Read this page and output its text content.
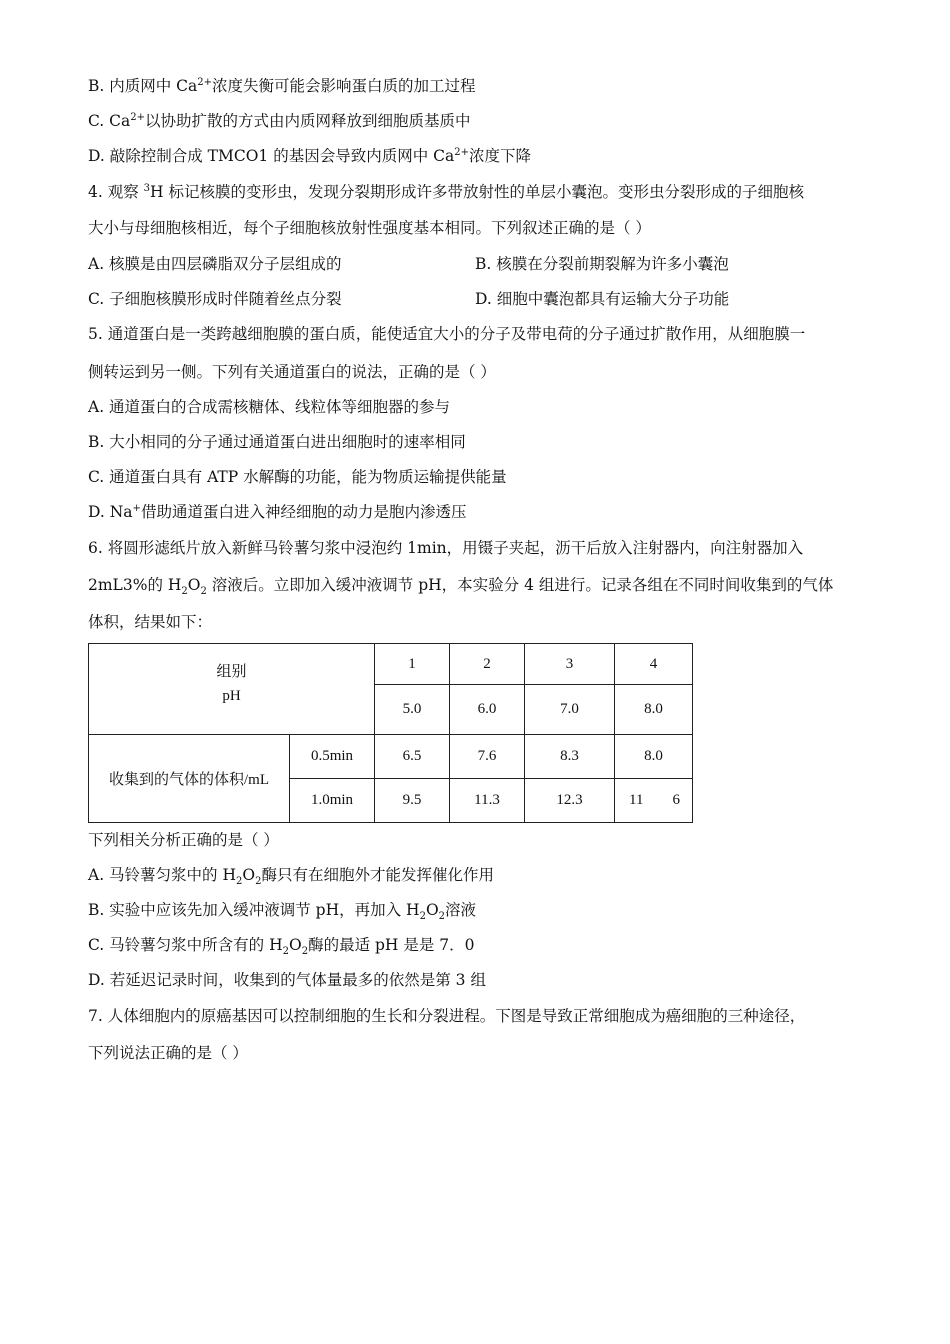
B. 内质网中 $Ca^{2+}$浓度失衡可能会影响蛋白质的加工过程
C. $Ca^{2+}$以协助扩散的方式由内质网释放到细胞质基质中
D. 敲除控制合成 TMCO1 的基因会导致内质网中 $Ca^{2+}$浓度下降
4. 观察 $^3$H 标记核膜的变形虫，发现分裂期形成许多带放射性的单层小囊泡。变形虫分裂形成的子细胞核
大小与母细胞核相近，每个子细胞核放射性强度基本相同。下列叙述正确的是（ ）
A. 核膜是由四层磷脂双分子层组成的	B. 核膜在分裂前期裂解为许多小囊泡
C. 子细胞核膜形成时伴随着丝点分裂	D. 细胞中囊泡都具有运输大分子功能
5. 通道蛋白是一类跨越细胞膜的蛋白质，能使适宜大小的分子及带电荷的分子通过扩散作用，从细胞膜一
侧转运到另一侧。下列有关通道蛋白的说法，正确的是（ ）
A. 通道蛋白的合成需核糖体、线粒体等细胞器的参与
B. 大小相同的分子通过通道蛋白进出细胞时的速率相同
C. 通道蛋白具有 ATP 水解酶的功能，能为物质运输提供能量
D. Na+借助通道蛋白进入神经细胞的动力是胞内渗透压
6. 将圆形滤纸片放入新鲜马铃薯匀浆中浸泡约 1min，用镊子夹起，沥干后放入注射器内，向注射器加入
2mL3%的 $H_2O_2$ 溶液后。立即加入缓冲液调节 pH，本实验分 4 组进行。记录各组在不同时间收集到的气体
体积，结果如下：
组别
pH		1	2	3	4
		5.0	6.0	7.0	8.0
收集到的气体的体积/mL	0.5min	6.5	7.6	8.3	8.0
	1.0min	9.5	11.3	12.3	11 6
下列相关分析正确的是（ ）
A. 马铃薯匀浆中的 $H_2O_2$酶只有在细胞外才能发挥催化作用
B. 实验中应该先加入缓冲液调节 pH，再加入 $H_2O_2$溶液
C. 马铃薯匀浆中所含有的 $H_2O_2$酶的最适 pH 是是 7．0
D. 若延迟记录时间，收集到的气体量最多的依然是第 3 组
7. 人体细胞内的原癌基因可以控制细胞的生长和分裂进程。下图是导致正常细胞成为癌细胞的三种途径，
下列说法正确的是（ ）
